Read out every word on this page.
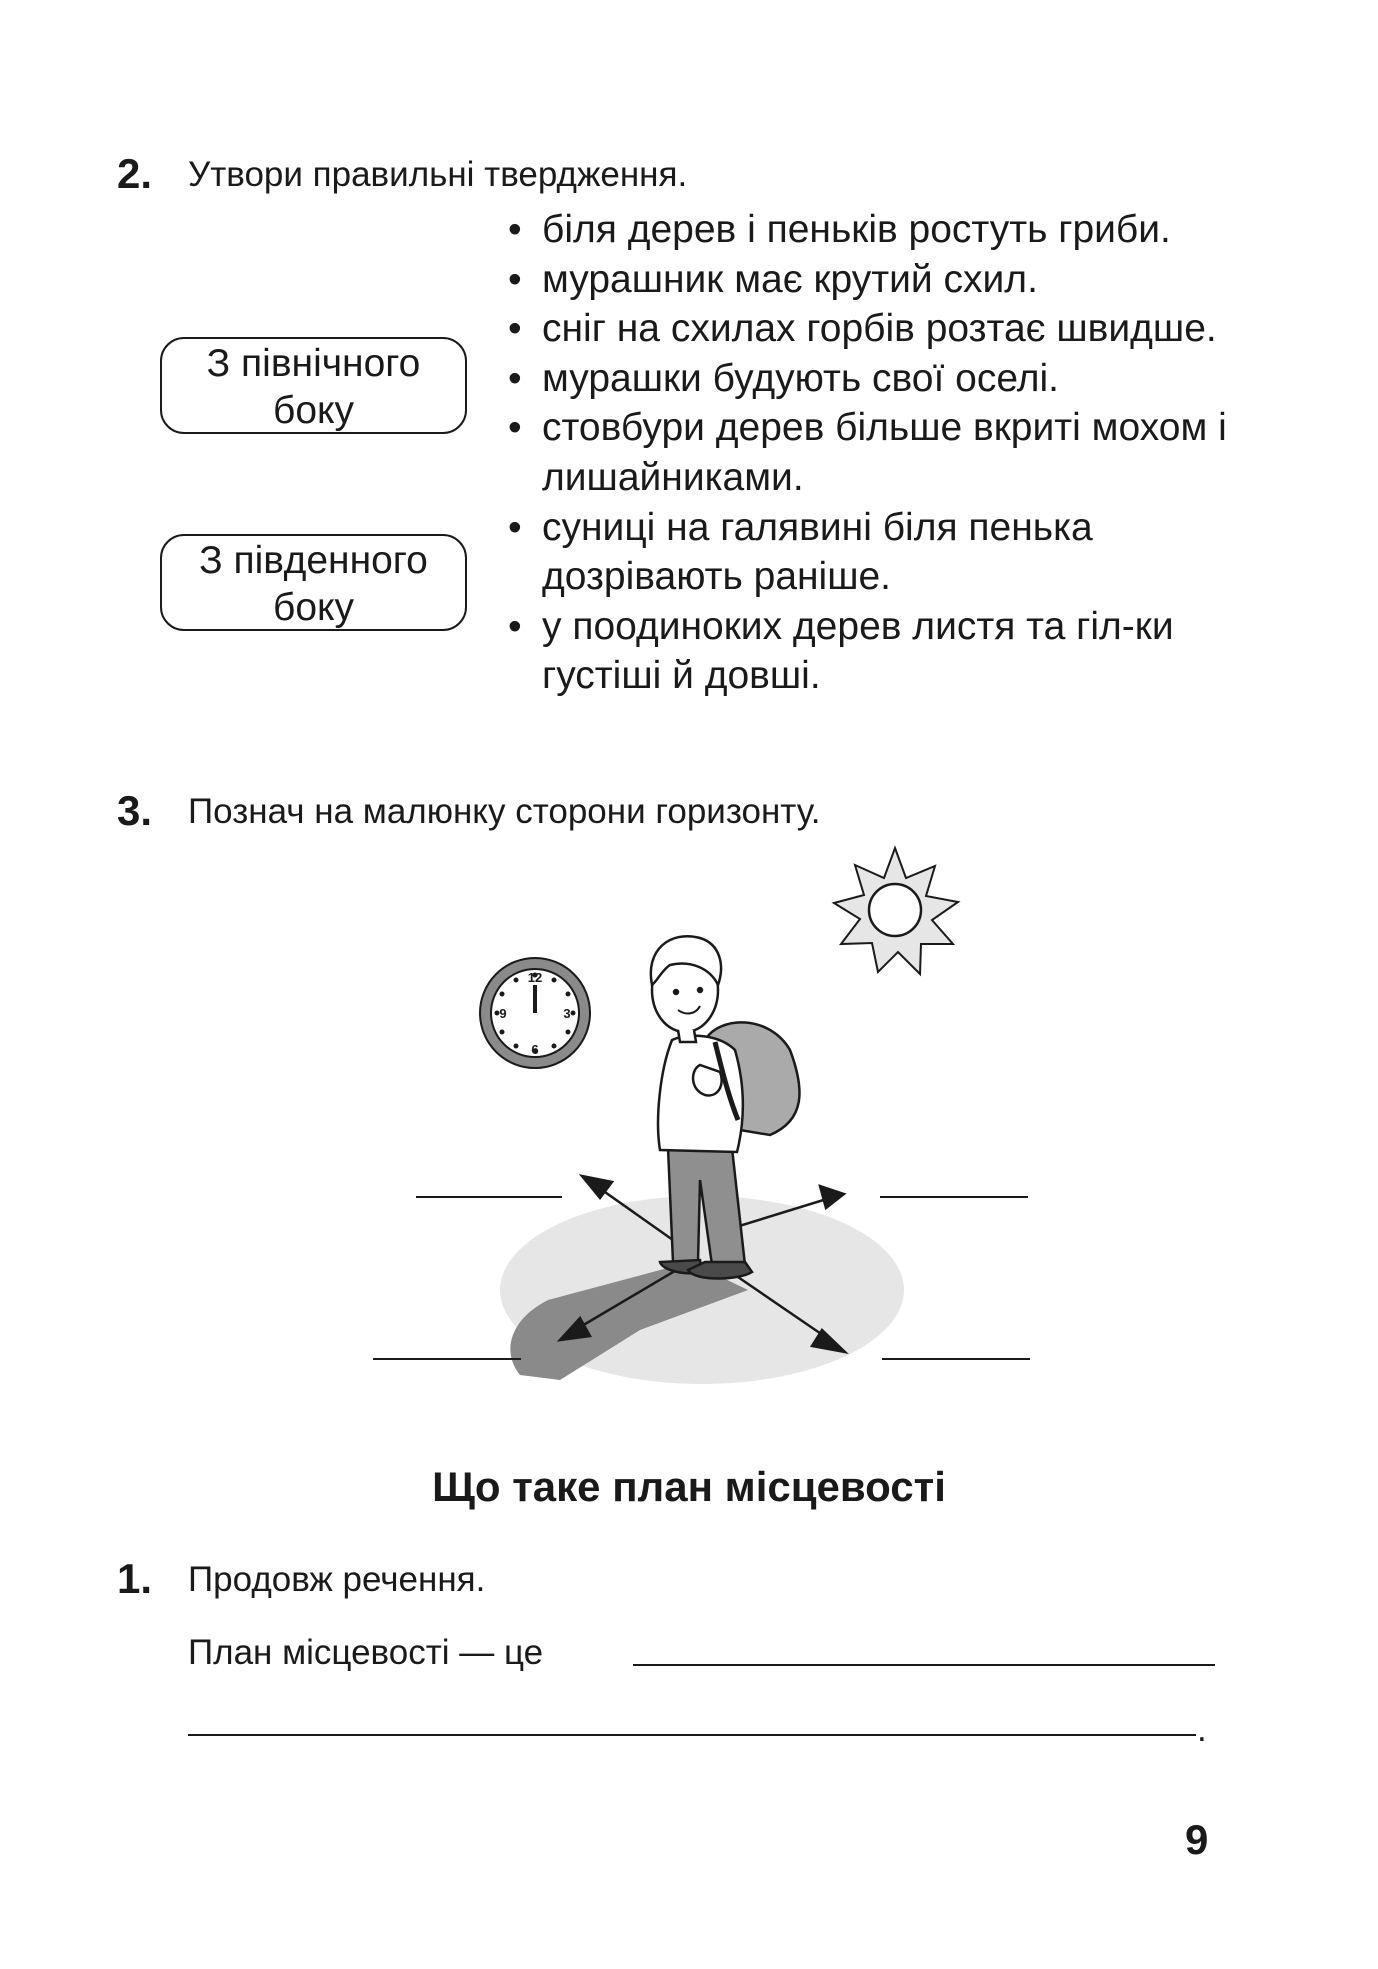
2. Утвори правильні твердження.
З північного боку
З південного боку
• біля дерев і пеньків ростуть гриби.
• мурашник має крутий схил.
• сніг на схилах горбів розтає швидше.
• мурашки будують свої оселі.
• стовбури дерев більше вкриті мохом і лишайниками.
• суниці на галявині біля пенька дозрівають раніше.
• у поодиноких дерев листя та гіл-ки густіші й довші.
3. Познач на малюнку сторони горизонту.
12
3
6
9
Що таке план місцевості
1. Продовж речення.
План місцевості — це
.
9
